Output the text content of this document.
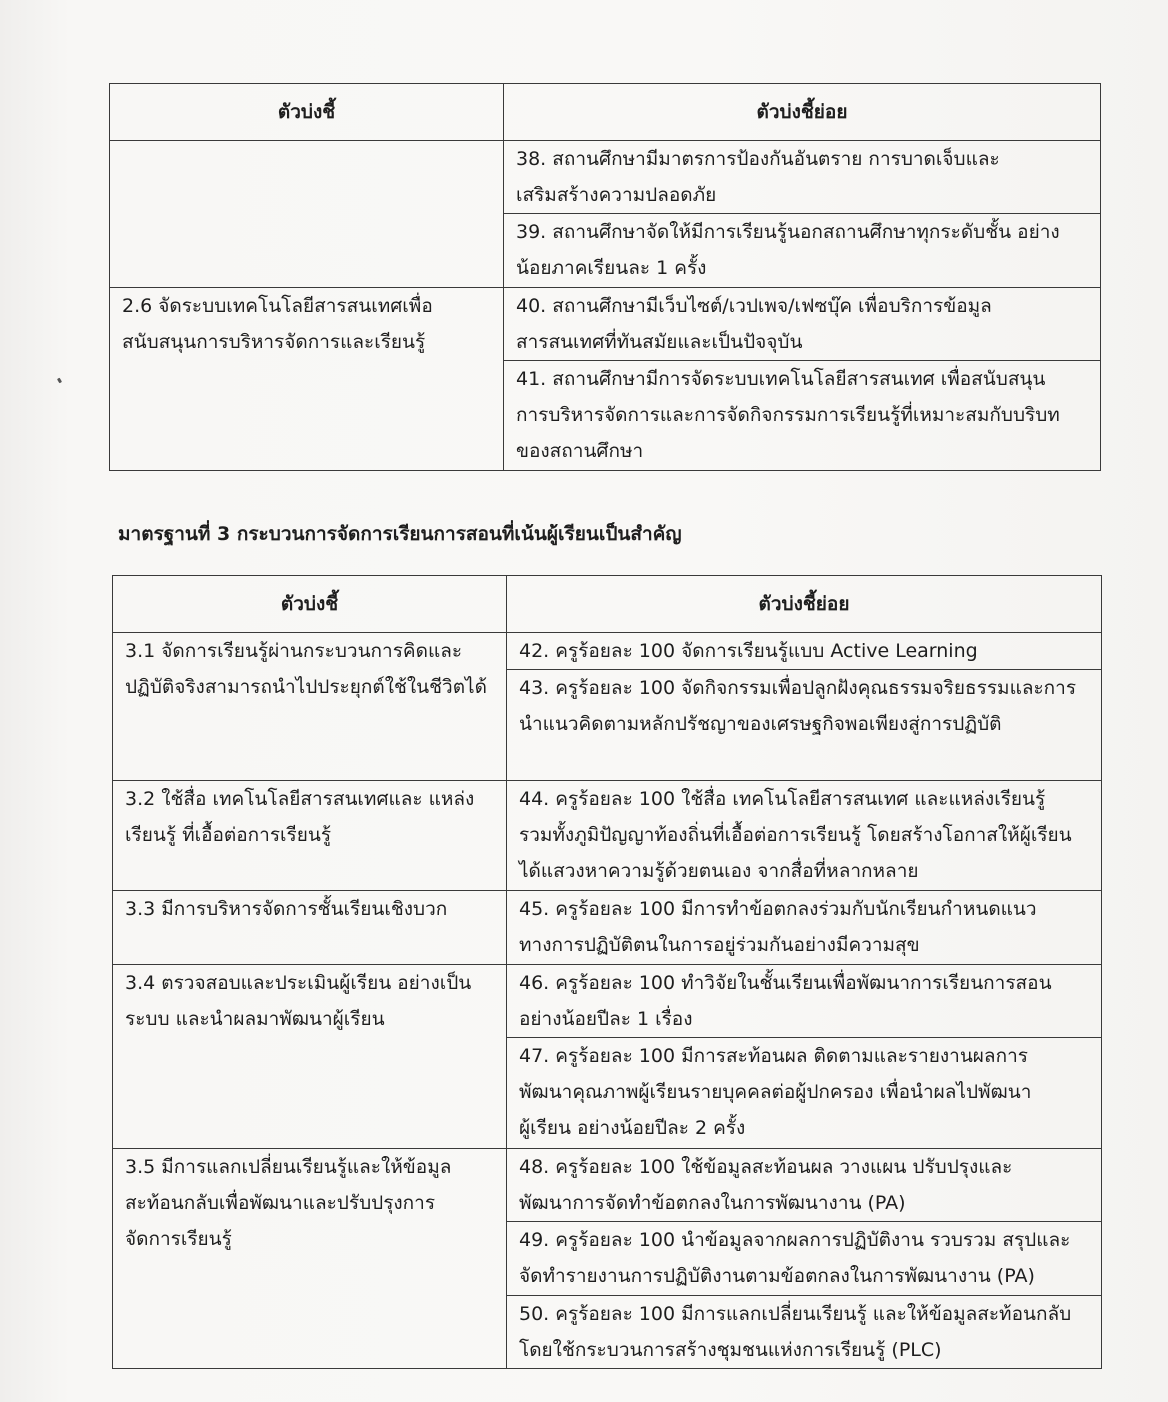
ตัวบ่งชี้	ตัวบ่งชี้ย่อย

	38. สถานศึกษามีมาตรการป้องกันอันตราย การบาดเจ็บและ
เสริมสร้างความปลอดภัย

	39. สถานศึกษาจัดให้มีการเรียนรู้นอกสถานศึกษาทุกระดับชั้น อย่าง
น้อยภาคเรียนละ 1 ครั้ง

2.6 จัดระบบเทคโนโลยีสารสนเทศเพื่อ
สนับสนุนการบริหารจัดการและเรียนรู้	40. สถานศึกษามีเว็บไซต์/เวปเพจ/เฟซบุ๊ค เพื่อบริการข้อมูล
สารสนเทศที่ทันสมัยและเป็นปัจจุบัน

	41. สถานศึกษามีการจัดระบบเทคโนโลยีสารสนเทศ เพื่อสนับสนุน
การบริหารจัดการและการจัดกิจกรรมการเรียนรู้ที่เหมาะสมกับบริบท
ของสถานศึกษา
มาตรฐานที่ 3 กระบวนการจัดการเรียนการสอนที่เน้นผู้เรียนเป็นสำคัญ
ตัวบ่งชี้	ตัวบ่งชี้ย่อย

3.1 จัดการเรียนรู้ผ่านกระบวนการคิดและ
ปฏิบัติจริงสามารถนำไปประยุกต์ใช้ในชีวิตได้	42. ครูร้อยละ 100 จัดการเรียนรู้แบบ Active Learning

	43. ครูร้อยละ 100 จัดกิจกรรมเพื่อปลูกฝังคุณธรรมจริยธรรมและการ
นำแนวคิดตามหลักปรัชญาของเศรษฐกิจพอเพียงสู่การปฏิบัติ

3.2 ใช้สื่อ เทคโนโลยีสารสนเทศและ แหล่ง
เรียนรู้ ที่เอื้อต่อการเรียนรู้	44. ครูร้อยละ 100 ใช้สื่อ เทคโนโลยีสารสนเทศ และแหล่งเรียนรู้
รวมทั้งภูมิปัญญาท้องถิ่นที่เอื้อต่อการเรียนรู้ โดยสร้างโอกาสให้ผู้เรียน
ได้แสวงหาความรู้ด้วยตนเอง จากสื่อที่หลากหลาย

3.3 มีการบริหารจัดการชั้นเรียนเชิงบวก	45. ครูร้อยละ 100 มีการทำข้อตกลงร่วมกับนักเรียนกำหนดแนว
ทางการปฏิบัติตนในการอยู่ร่วมกันอย่างมีความสุข

3.4 ตรวจสอบและประเมินผู้เรียน อย่างเป็น
ระบบ และนำผลมาพัฒนาผู้เรียน	46. ครูร้อยละ 100 ทำวิจัยในชั้นเรียนเพื่อพัฒนาการเรียนการสอน
อย่างน้อยปีละ 1 เรื่อง

	47. ครูร้อยละ 100 มีการสะท้อนผล ติดตามและรายงานผลการ
พัฒนาคุณภาพผู้เรียนรายบุคคลต่อผู้ปกครอง เพื่อนำผลไปพัฒนา
ผู้เรียน อย่างน้อยปีละ 2 ครั้ง

3.5 มีการแลกเปลี่ยนเรียนรู้และให้ข้อมูล
สะท้อนกลับเพื่อพัฒนาและปรับปรุงการ
จัดการเรียนรู้	48. ครูร้อยละ 100 ใช้ข้อมูลสะท้อนผล วางแผน ปรับปรุงและ
พัฒนาการจัดทำข้อตกลงในการพัฒนางาน (PA)

	49. ครูร้อยละ 100 นำข้อมูลจากผลการปฏิบัติงาน รวบรวม สรุปและ
จัดทำรายงานการปฏิบัติงานตามข้อตกลงในการพัฒนางาน (PA)

	50. ครูร้อยละ 100 มีการแลกเปลี่ยนเรียนรู้ และให้ข้อมูลสะท้อนกลับ
โดยใช้กระบวนการสร้างชุมชนแห่งการเรียนรู้ (PLC)
